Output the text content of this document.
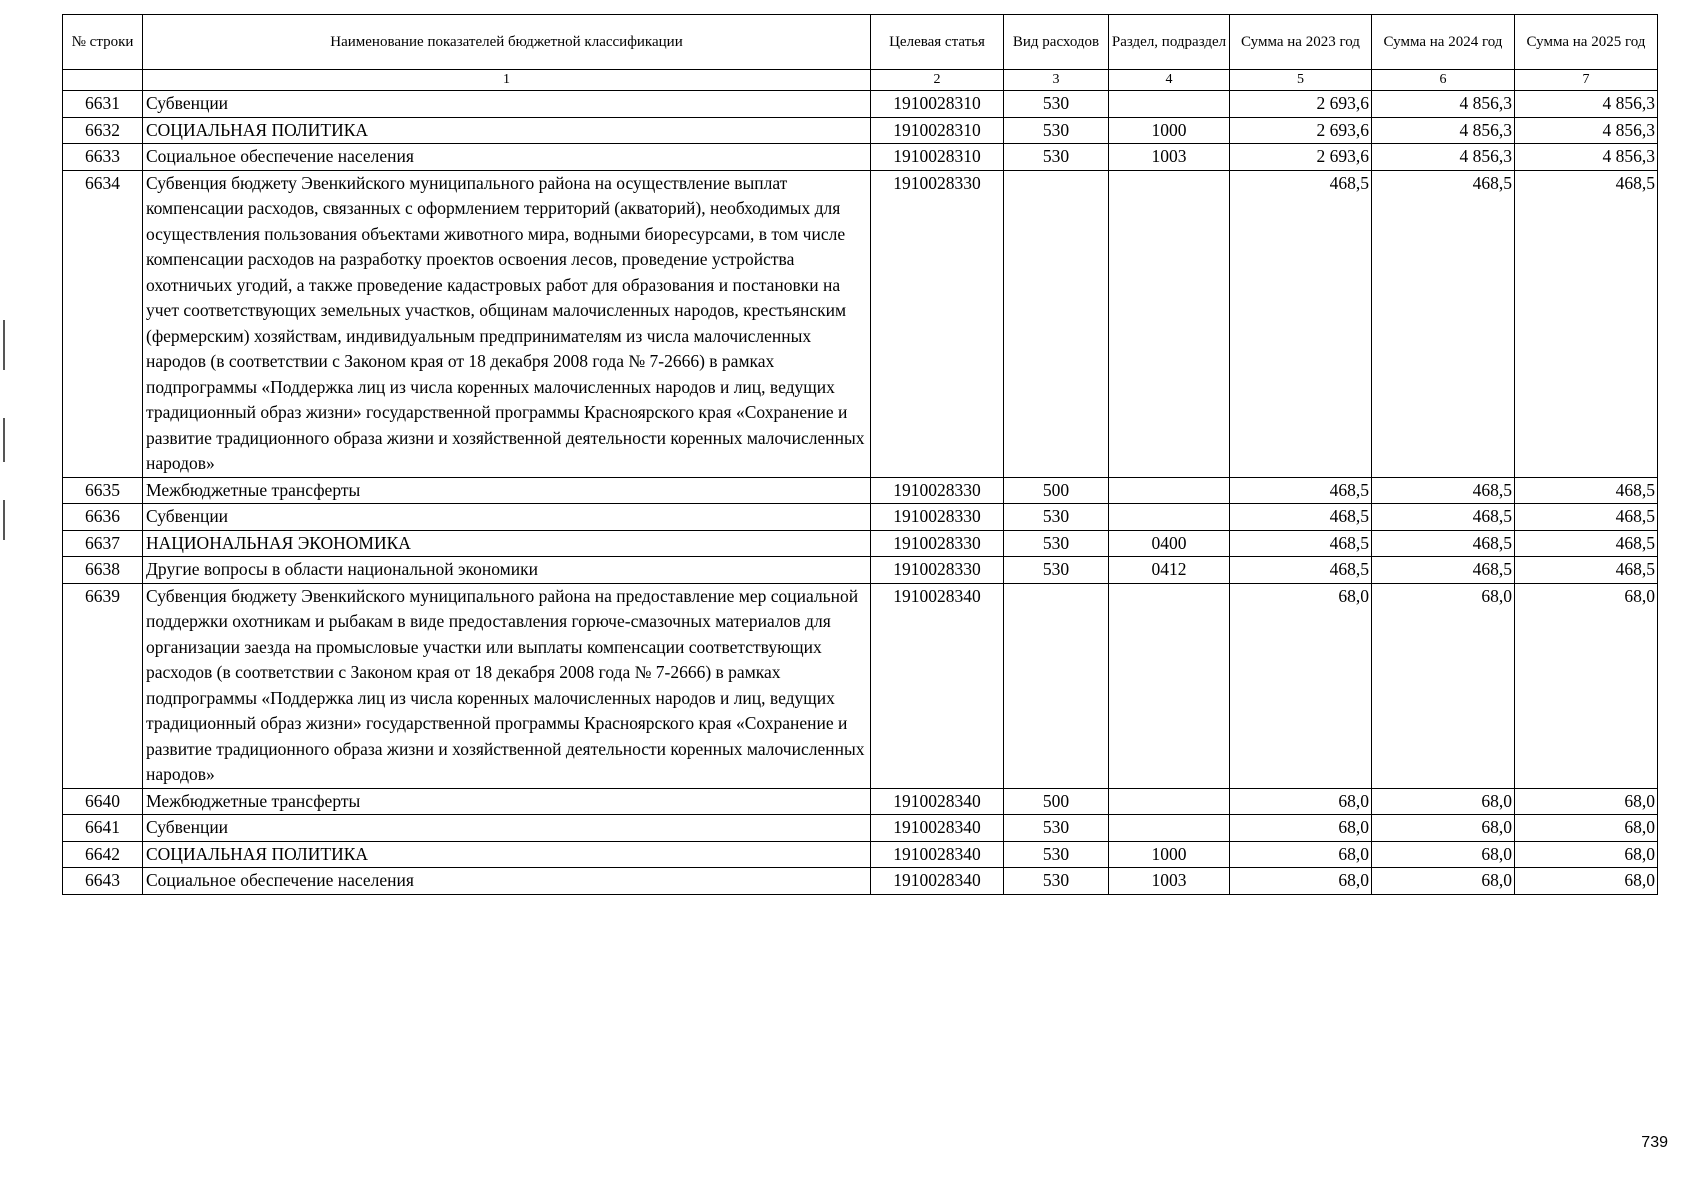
№ строки	Наименование показателей бюджетной классификации	Целевая статья	Вид расходов	Раздел, подраздел	Сумма на 2023 год	Сумма на 2024 год	Сумма на 2025 год
	1	2	3	4	5	6	7
6631	Субвенции	1910028310	530		2 693,6	4 856,3	4 856,3
6632	СОЦИАЛЬНАЯ ПОЛИТИКА	1910028310	530	1000	2 693,6	4 856,3	4 856,3
6633	Социальное обеспечение населения	1910028310	530	1003	2 693,6	4 856,3	4 856,3
6634	Субвенция бюджету Эвенкийского муниципального района на осуществление выплат компенсации расходов, связанных с оформлением территорий (акваторий), необходимых для осуществления пользования объектами животного мира, водными биоресурсами, в том числе компенсации расходов на разработку проектов освоения лесов, проведение устройства охотничьих угодий, а также проведение кадастровых работ для образования и постановки на учет соответствующих земельных участков, общинам малочисленных народов, крестьянским (фермерским) хозяйствам, индивидуальным предпринимателям из числа малочисленных народов (в соответствии с Законом края от 18 декабря 2008 года № 7-2666) в рамках подпрограммы «Поддержка лиц из числа коренных малочисленных народов и лиц, ведущих традиционный образ жизни» государственной программы Красноярского края «Сохранение и развитие традиционного образа жизни и хозяйственной деятельности коренных малочисленных народов»	1910028330			468,5	468,5	468,5
6635	Межбюджетные трансферты	1910028330	500		468,5	468,5	468,5
6636	Субвенции	1910028330	530		468,5	468,5	468,5
6637	НАЦИОНАЛЬНАЯ ЭКОНОМИКА	1910028330	530	0400	468,5	468,5	468,5
6638	Другие вопросы в области национальной экономики	1910028330	530	0412	468,5	468,5	468,5
6639	Субвенция бюджету Эвенкийского муниципального района на предоставление мер социальной поддержки охотникам и рыбакам в виде предоставления горюче-смазочных материалов для организации заезда на промысловые участки или выплаты компенсации соответствующих расходов (в соответствии с Законом края от 18 декабря 2008 года № 7-2666) в рамках подпрограммы «Поддержка лиц из числа коренных малочисленных народов и лиц, ведущих традиционный образ жизни» государственной программы Красноярского края «Сохранение и развитие традиционного образа жизни и хозяйственной деятельности коренных малочисленных народов»	1910028340			68,0	68,0	68,0
6640	Межбюджетные трансферты	1910028340	500		68,0	68,0	68,0
6641	Субвенции	1910028340	530		68,0	68,0	68,0
6642	СОЦИАЛЬНАЯ ПОЛИТИКА	1910028340	530	1000	68,0	68,0	68,0
6643	Социальное обеспечение населения	1910028340	530	1003	68,0	68,0	68,0
739
